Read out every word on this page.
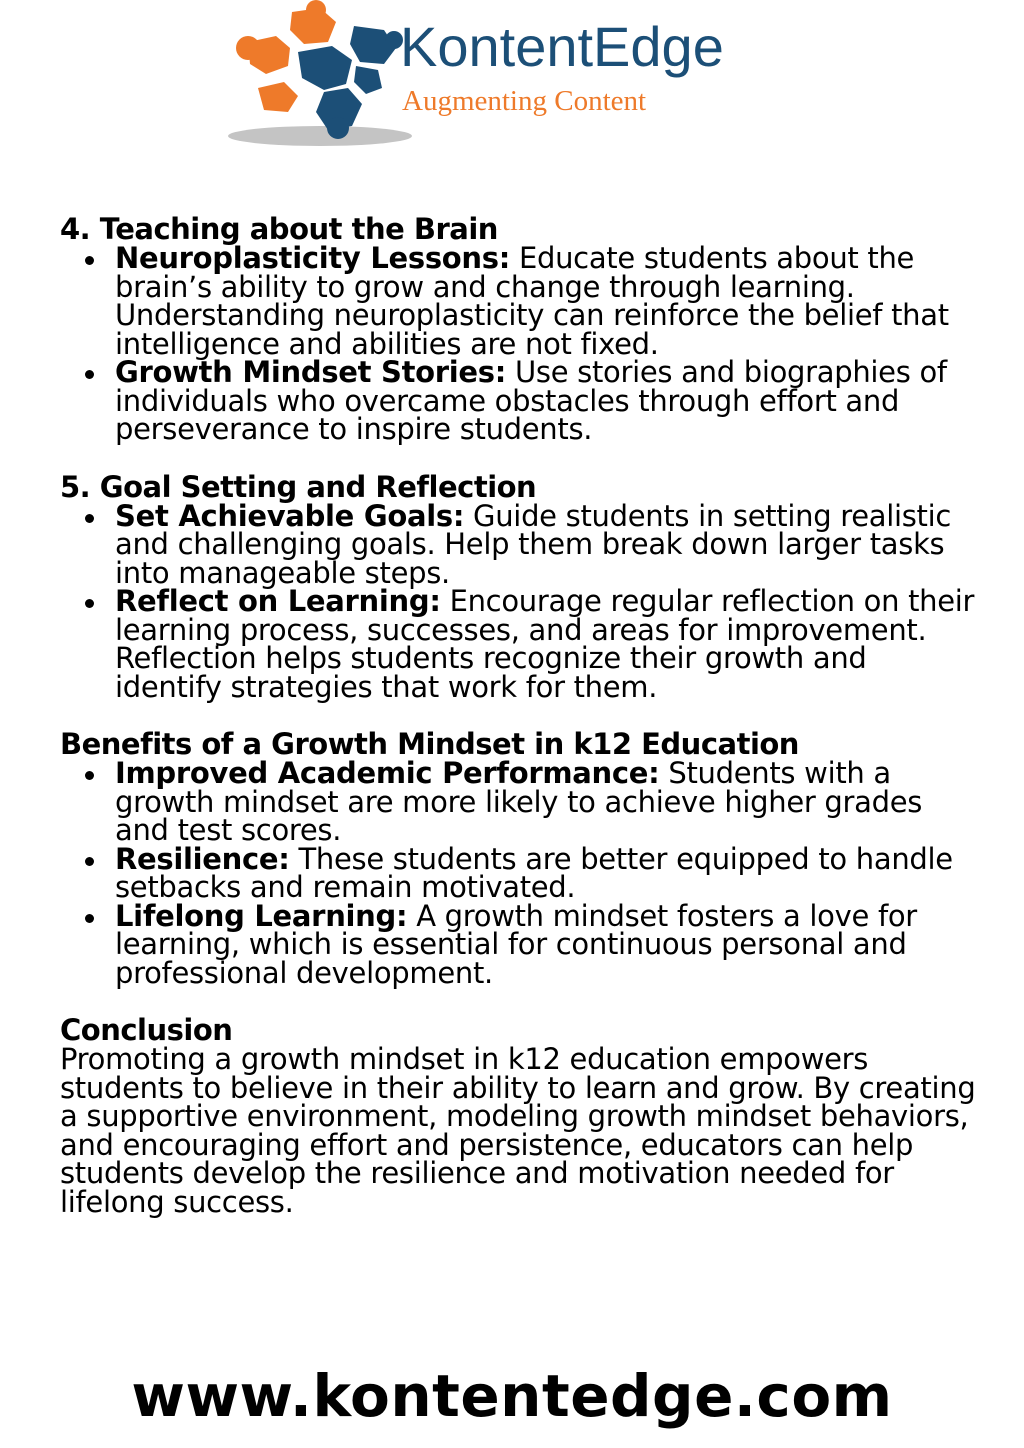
KontentEdge
Augmenting Content

4. Teaching about the Brain

Neuroplasticity Lessons: Educate students about the brain’s ability to grow and change through learning. Understanding neuroplasticity can reinforce the belief that intelligence and abilities are not fixed.
Growth Mindset Stories: Use stories and biographies of individuals who overcame obstacles through effort and perseverance to inspire students.

5. Goal Setting and Reflection

Set Achievable Goals: Guide students in setting realistic and challenging goals. Help them break down larger tasks into manageable steps.
Reflect on Learning: Encourage regular reflection on their learning process, successes, and areas for improvement. Reflection helps students recognize their growth and identify strategies that work for them.

Benefits of a Growth Mindset in k12 Education

Improved Academic Performance: Students with a growth mindset are more likely to achieve higher grades and test scores.
Resilience: These students are better equipped to handle setbacks and remain motivated.
Lifelong Learning: A growth mindset fosters a love for learning, which is essential for continuous personal and professional development.

Conclusion

Promoting a growth mindset in k12 education empowers students to believe in their ability to learn and grow. By creating a supportive environment, modeling growth mindset behaviors, and encouraging effort and persistence, educators can help students develop the resilience and motivation needed for lifelong success.

www.kontentedge.com
